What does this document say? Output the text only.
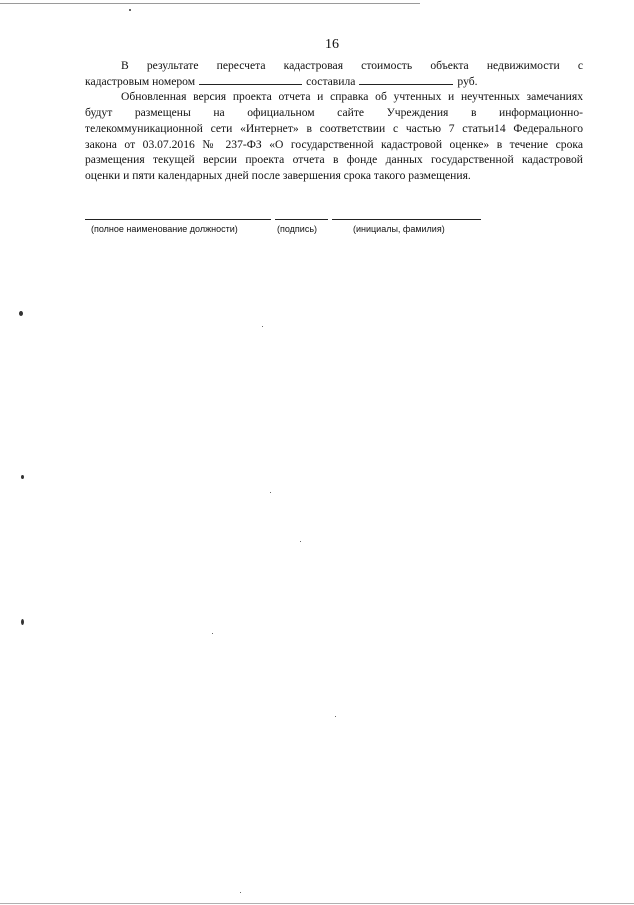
16
В результате пересчета кадастровая стоимость объекта недвижимости с
кадастровым номером	составила	руб.
Обновленная версия проекта отчета и справка об учтенных и неучтенных замечаниях
будут размещены на официальном сайте Учреждения в информационно-
телекоммуникационной сети «Интернет» в соответствии с частью 7 статьи14 Федерального
закона от 03.07.2016 № 237-ФЗ «О государственной кадастровой оценке» в течение срока
размещения текущей версии проекта отчета в фонде данных государственной кадастровой
оценки и пяти календарных дней после завершения срока такого размещения.
(полное наименование должности)	(подпись)	(инициалы, фамилия)
